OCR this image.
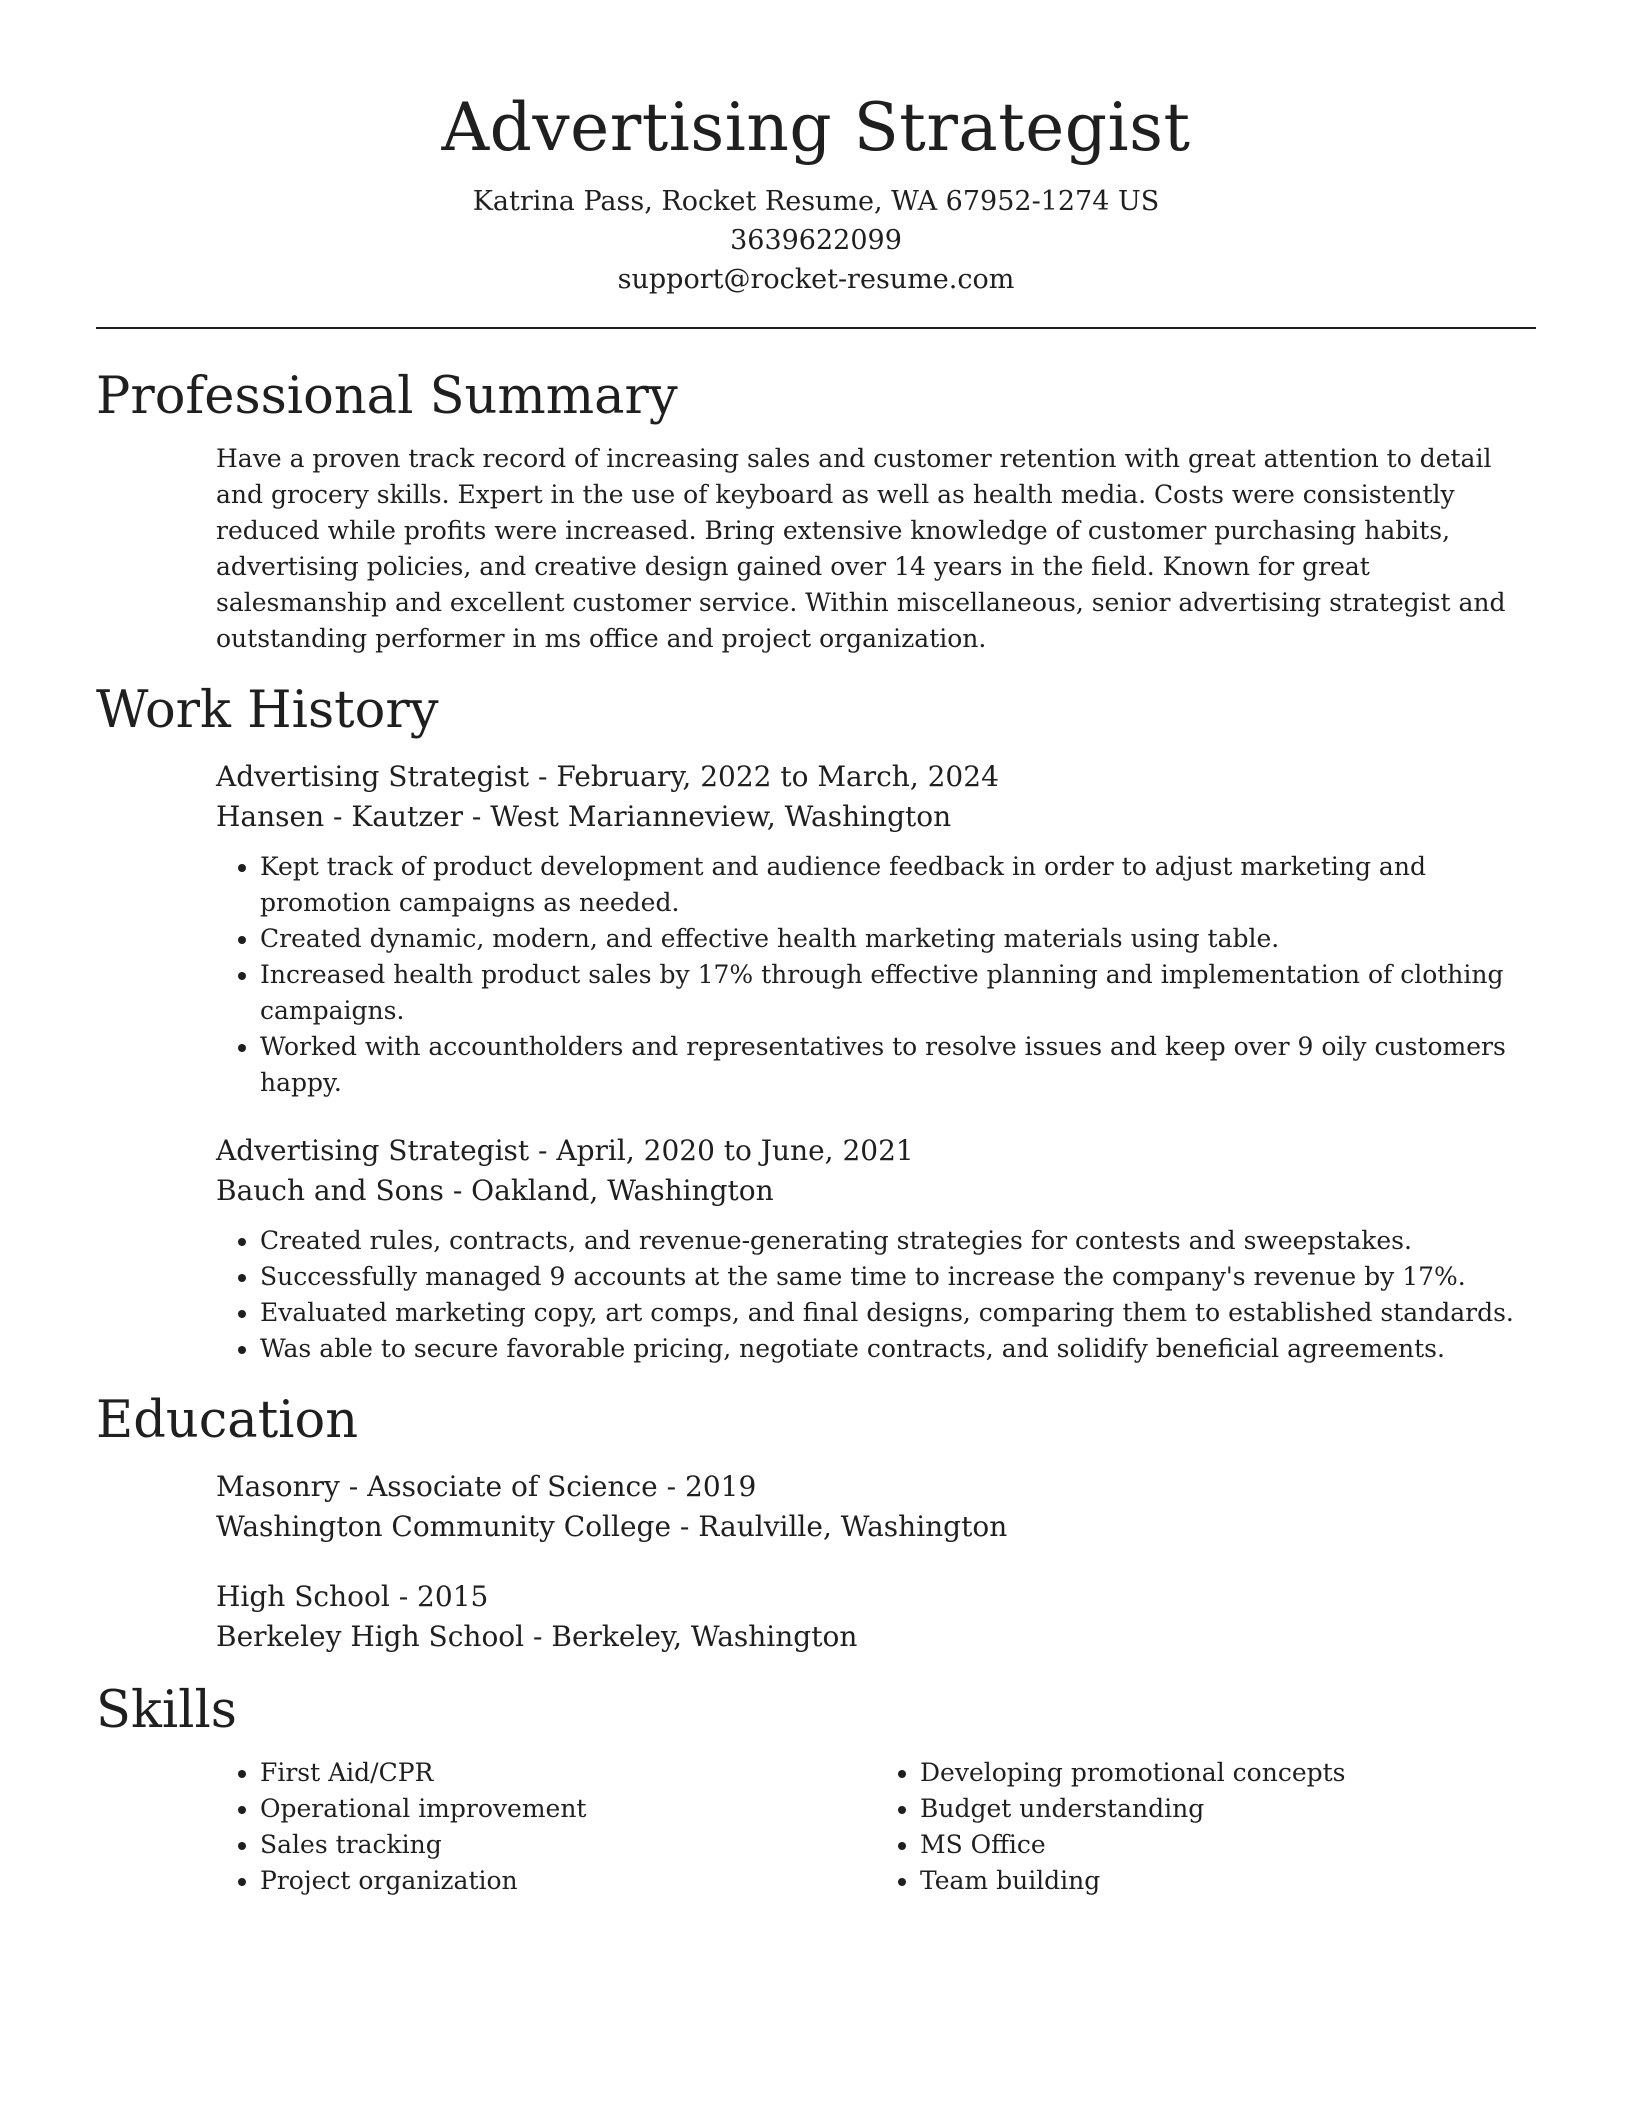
Advertising Strategist
Katrina Pass, Rocket Resume, WA 67952-1274 US
3639622099
support@rocket-resume.com
Professional Summary
Have a proven track record of increasing sales and customer retention with great attention to detail and grocery skills. Expert in the use of keyboard as well as health media. Costs were consistently reduced while profits were increased. Bring extensive knowledge of customer purchasing habits, advertising policies, and creative design gained over 14 years in the field. Known for great salesmanship and excellent customer service. Within miscellaneous, senior advertising strategist and outstanding performer in ms office and project organization.
Work History
Advertising Strategist - February, 2022 to March, 2024
Hansen - Kautzer - West Marianneview, Washington
• Kept track of product development and audience feedback in order to adjust marketing and promotion campaigns as needed.
• Created dynamic, modern, and effective health marketing materials using table.
• Increased health product sales by 17% through effective planning and implementation of clothing campaigns.
• Worked with accountholders and representatives to resolve issues and keep over 9 oily customers happy.
Advertising Strategist - April, 2020 to June, 2021
Bauch and Sons - Oakland, Washington
• Created rules, contracts, and revenue-generating strategies for contests and sweepstakes.
• Successfully managed 9 accounts at the same time to increase the company's revenue by 17%.
• Evaluated marketing copy, art comps, and final designs, comparing them to established standards.
• Was able to secure favorable pricing, negotiate contracts, and solidify beneficial agreements.
Education
Masonry - Associate of Science - 2019
Washington Community College - Raulville, Washington
High School - 2015
Berkeley High School - Berkeley, Washington
Skills
• First Aid/CPR
• Operational improvement
• Sales tracking
• Project organization
• Developing promotional concepts
• Budget understanding
• MS Office
• Team building
